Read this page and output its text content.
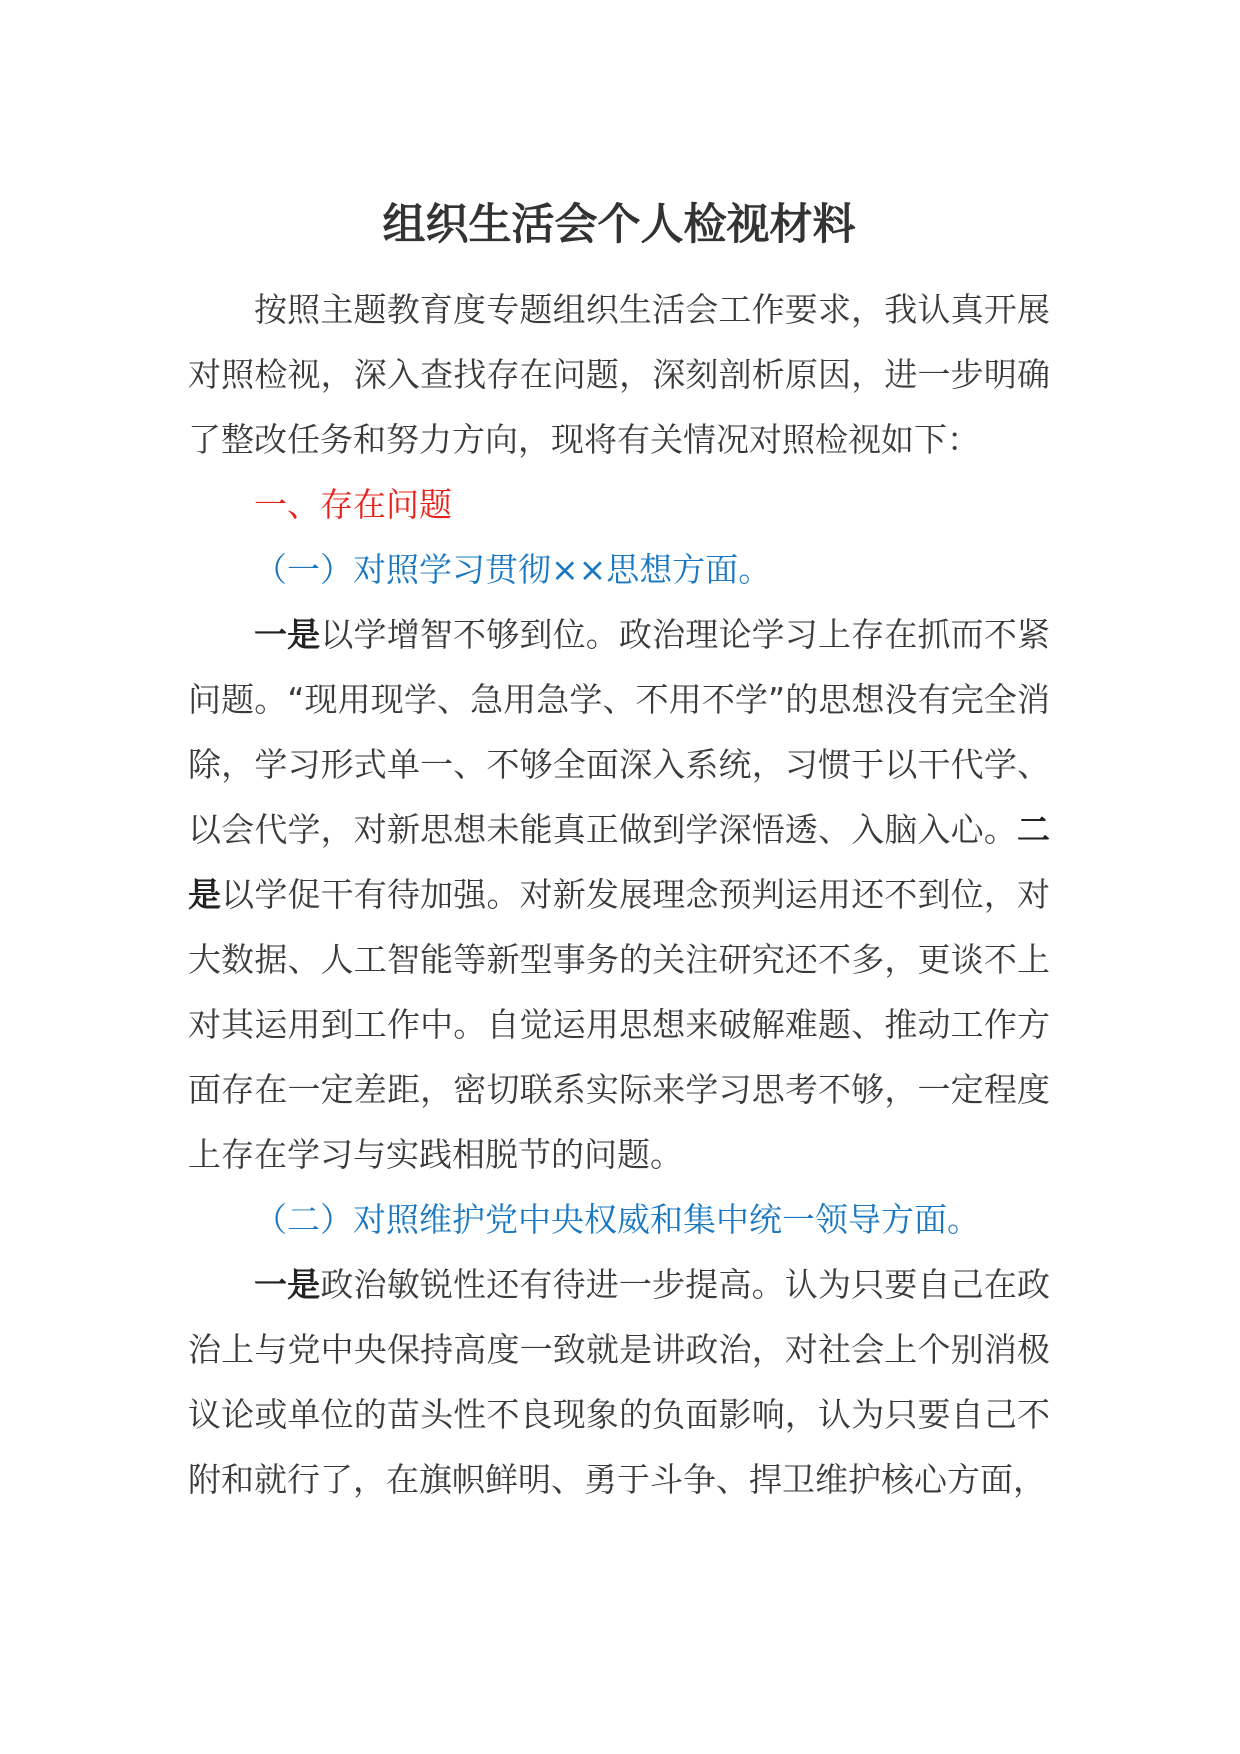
组织生活会个人检视材料

按照主题教育度专题组织生活会工作要求，我认真开展对照检视，深入查找存在问题，深刻剖析原因，进一步明确了整改任务和努力方向，现将有关情况对照检视如下：

一、存在问题

（一）对照学习贯彻××思想方面。

一是以学增智不够到位。政治理论学习上存在抓而不紧问题。“现用现学、急用急学、不用不学”的思想没有完全消除，学习形式单一、不够全面深入系统，习惯于以干代学、以会代学，对新思想未能真正做到学深悟透、入脑入心。二是以学促干有待加强。对新发展理念预判运用还不到位，对大数据、人工智能等新型事务的关注研究还不多，更谈不上对其运用到工作中。自觉运用思想来破解难题、推动工作方面存在一定差距，密切联系实际来学习思考不够，一定程度上存在学习与实践相脱节的问题。

（二）对照维护党中央权威和集中统一领导方面。

一是政治敏锐性还有待进一步提高。认为只要自己在政治上与党中央保持高度一致就是讲政治，对社会上个别消极议论或单位的苗头性不良现象的负面影响，认为只要自己不附和就行了，在旗帜鲜明、勇于斗争、捍卫维护核心方面，
